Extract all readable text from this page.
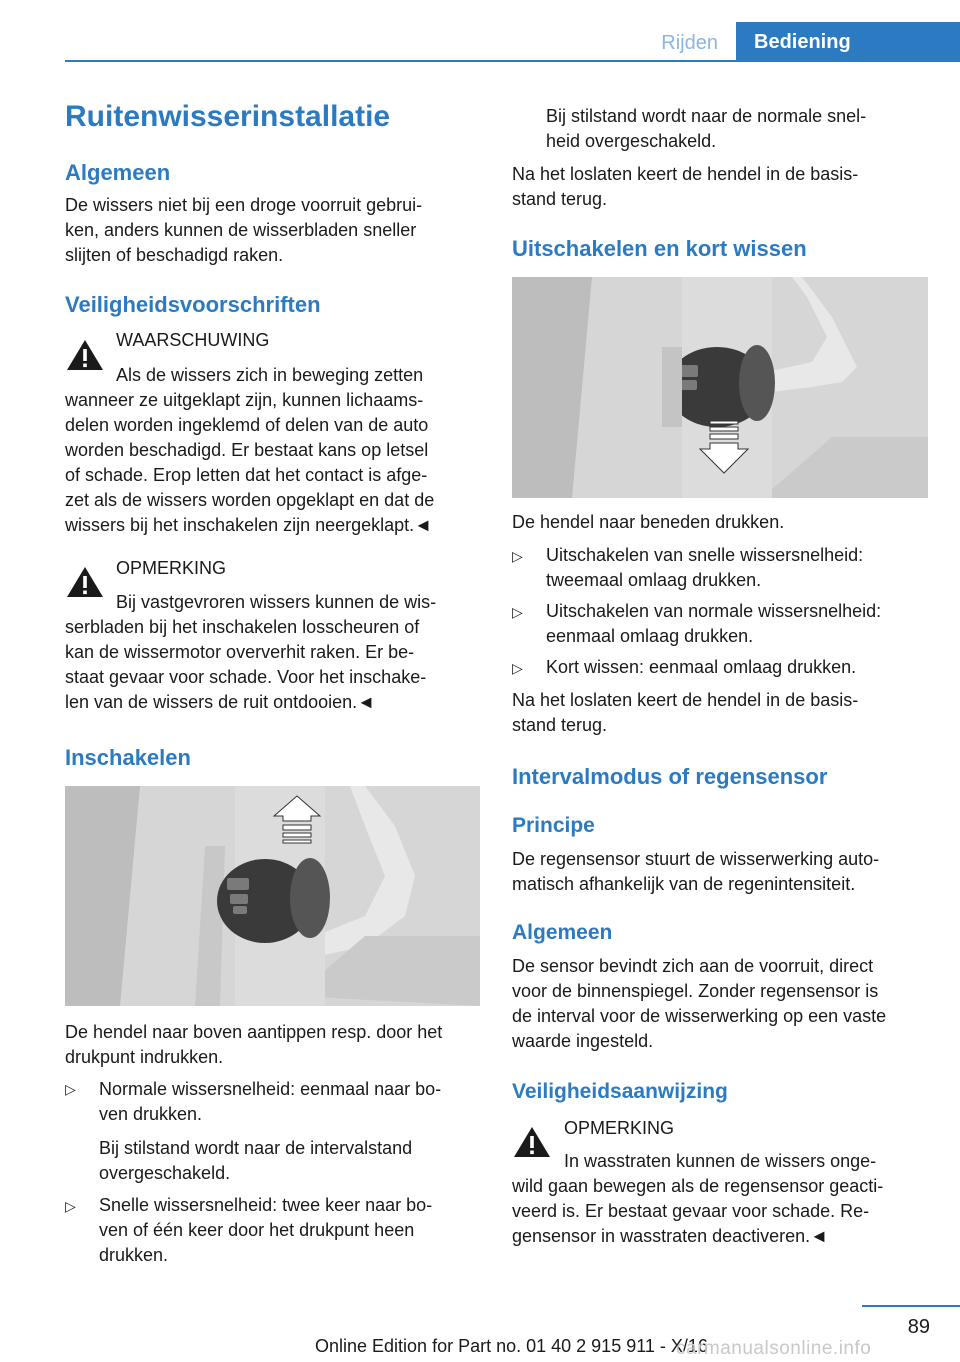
Rijden	Bediening
Ruitenwisserinstallatie
Algemeen
De wissers niet bij een droge voorruit gebrui-
ken, anders kunnen de wisserbladen sneller
slijten of beschadigd raken.
Veiligheidsvoorschriften
WAARSCHUWING
Als de wissers zich in beweging zetten
wanneer ze uitgeklapt zijn, kunnen lichaams-
delen worden ingeklemd of delen van de auto
worden beschadigd. Er bestaat kans op letsel
of schade. Erop letten dat het contact is afge-
zet als de wissers worden opgeklapt en dat de
wissers bij het inschakelen zijn neergeklapt.◄
OPMERKING
Bij vastgevroren wissers kunnen de wis-
serbladen bij het inschakelen losscheuren of
kan de wissermotor oververhit raken. Er be-
staat gevaar voor schade. Voor het inschake-
len van de wissers de ruit ontdooien.◄
Inschakelen
De hendel naar boven aantippen resp. door het
drukpunt indrukken.
▷ Normale wissersnelheid: eenmaal naar bo-
ven drukken.
Bij stilstand wordt naar de intervalstand
overgeschakeld.
▷ Snelle wissersnelheid: twee keer naar bo-
ven of één keer door het drukpunt heen
drukken.
Bij stilstand wordt naar de normale snel-
heid overgeschakeld.
Na het loslaten keert de hendel in de basis-
stand terug.
Uitschakelen en kort wissen
De hendel naar beneden drukken.
▷ Uitschakelen van snelle wissersnelheid:
tweemaal omlaag drukken.
▷ Uitschakelen van normale wissersnelheid:
eenmaal omlaag drukken.
▷ Kort wissen: eenmaal omlaag drukken.
Na het loslaten keert de hendel in de basis-
stand terug.
Intervalmodus of regensensor
Principe
De regensensor stuurt de wisserwerking auto-
matisch afhankelijk van de regenintensiteit.
Algemeen
De sensor bevindt zich aan de voorruit, direct
voor de binnenspiegel. Zonder regensensor is
de interval voor de wisserwerking op een vaste
waarde ingesteld.
Veiligheidsaanwijzing
OPMERKING
In wasstraten kunnen de wissers onge-
wild gaan bewegen als de regensensor geacti-
veerd is. Er bestaat gevaar voor schade. Re-
gensensor in wasstraten deactiveren.◄
89
Online Edition for Part no. 01 40 2 915 911 - X/16
carmanualsonline.info
